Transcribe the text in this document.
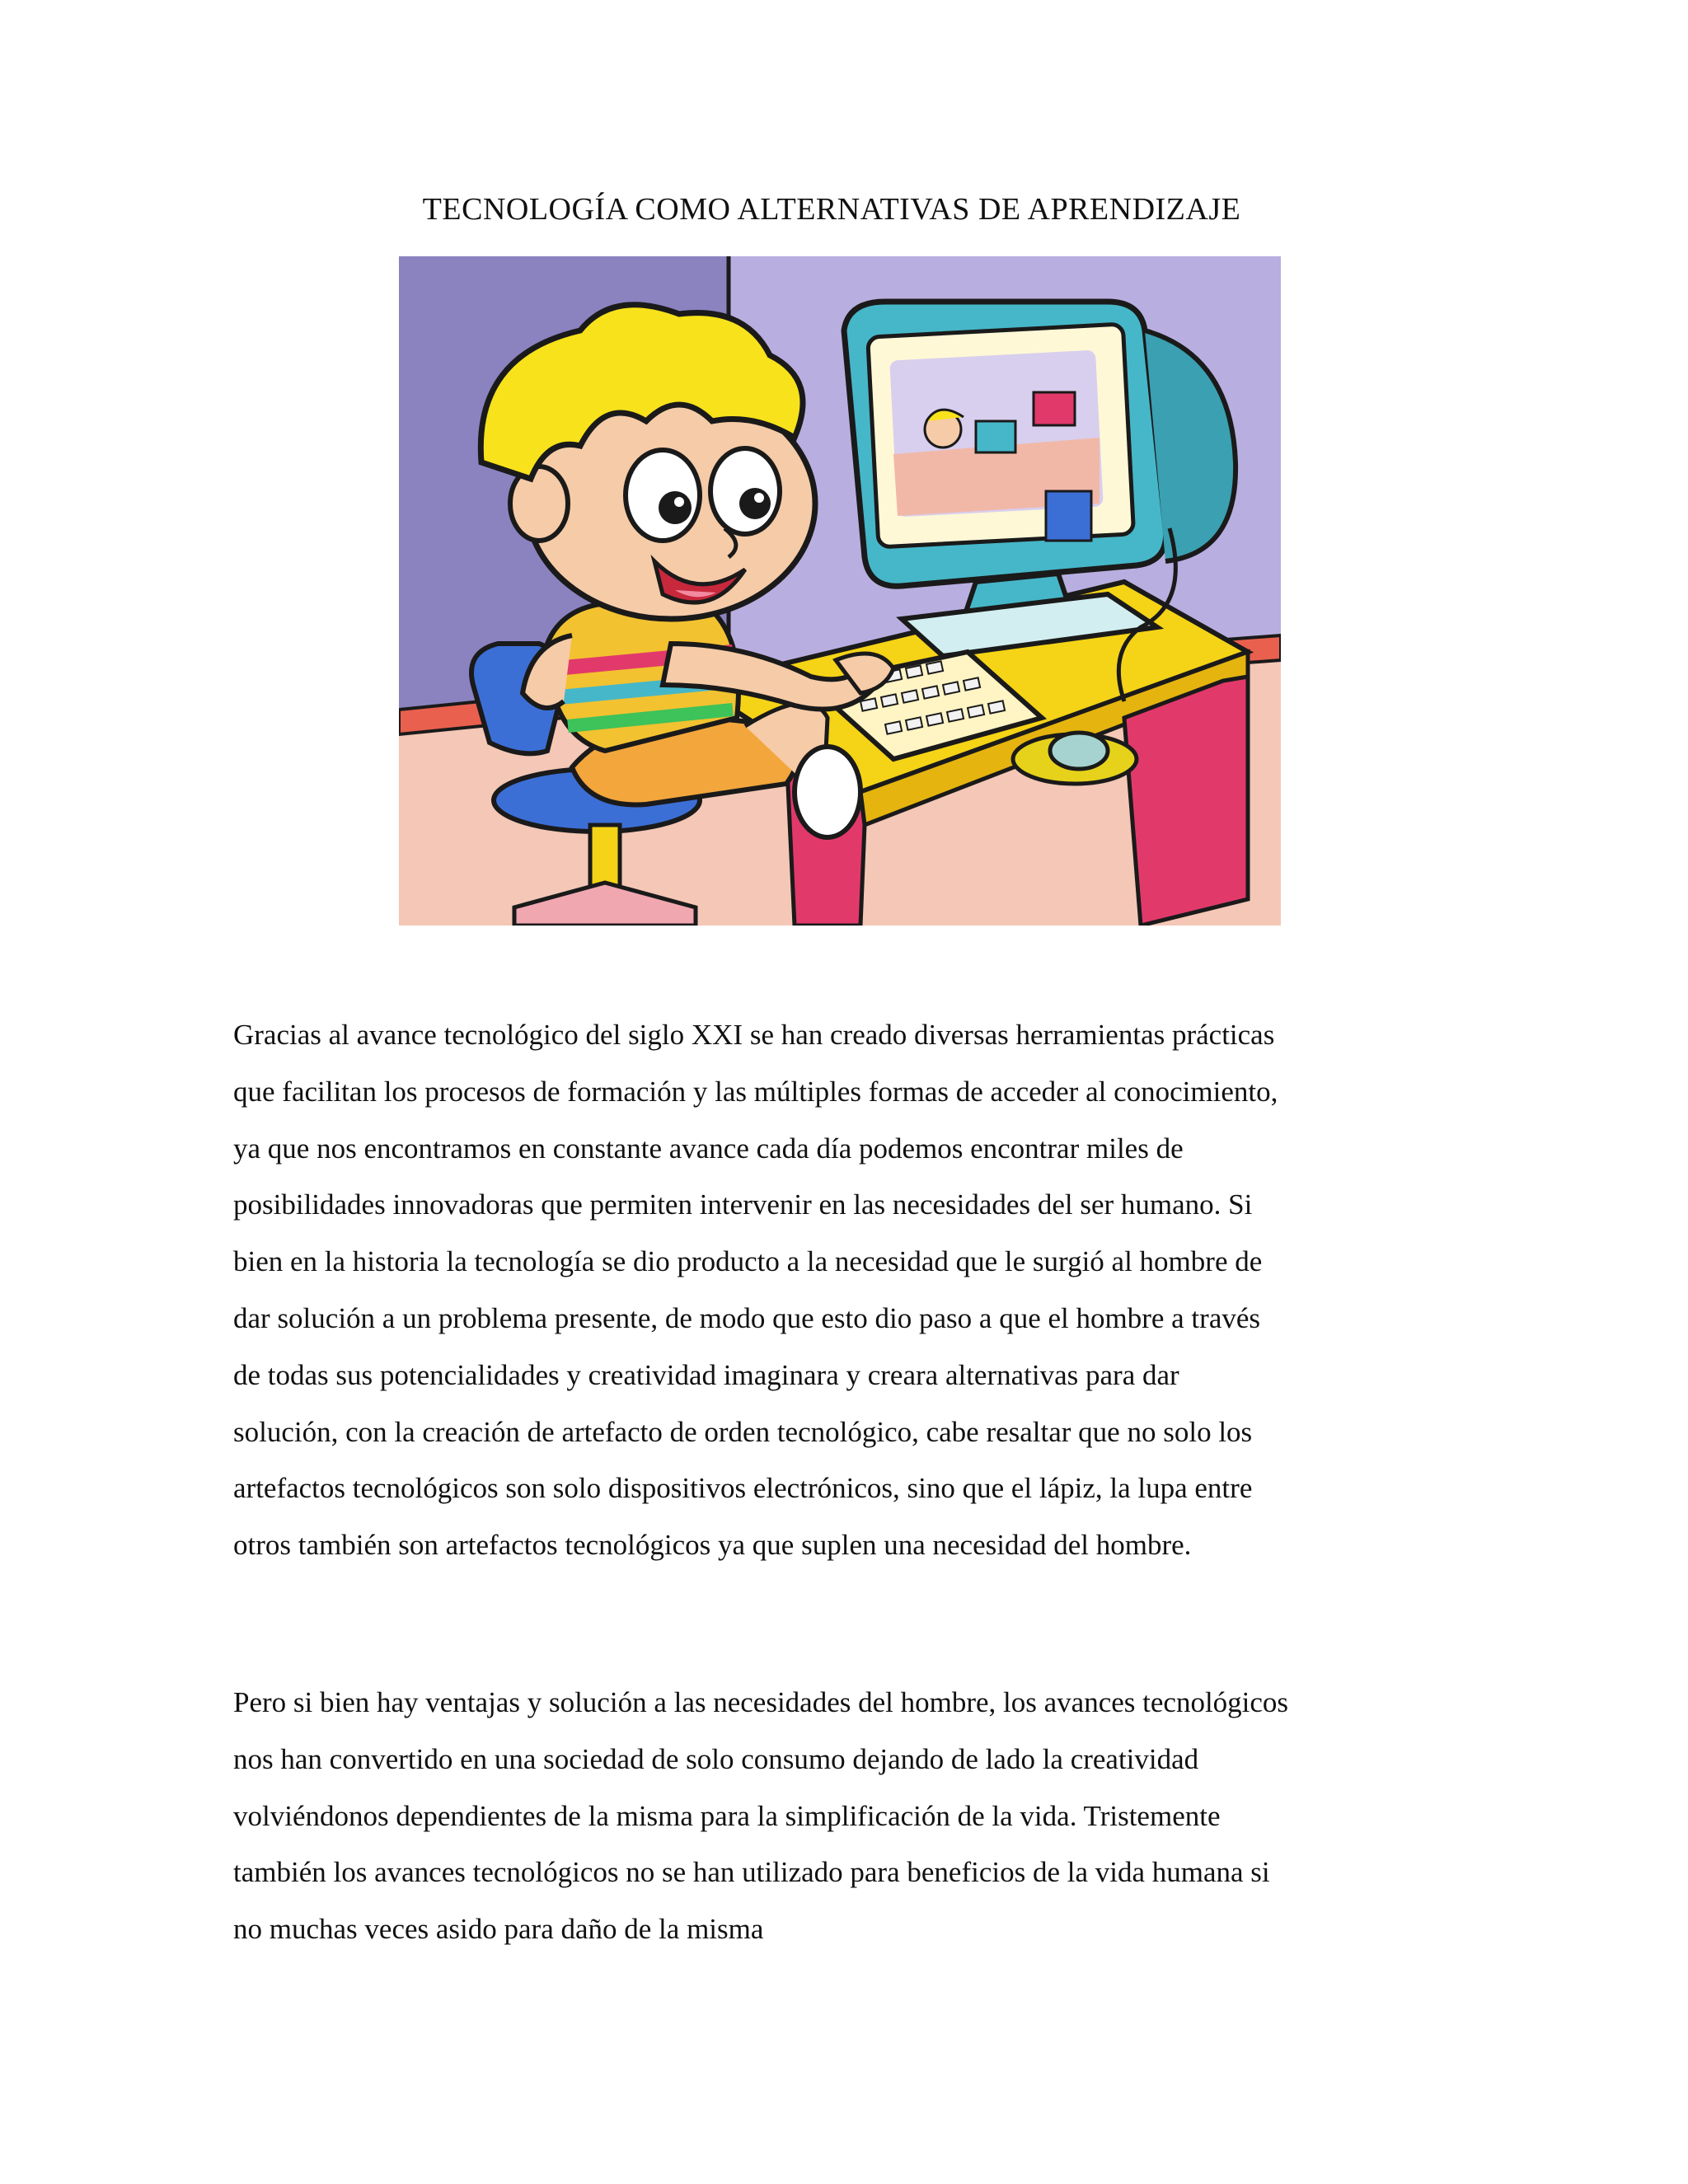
TECNOLOGÍA COMO ALTERNATIVAS DE APRENDIZAJE

Gracias al avance tecnológico del siglo XXI se han creado diversas herramientas prácticas
que facilitan los procesos de formación y las múltiples formas de acceder al conocimiento,
ya que nos encontramos en constante avance cada día podemos encontrar miles de
posibilidades innovadoras que permiten intervenir en las necesidades del ser humano. Si
bien en la historia la tecnología se dio producto a la necesidad que le surgió al hombre de
dar solución a un problema presente, de modo que esto dio paso a que el hombre a través
de todas sus potencialidades y creatividad imaginara y creara alternativas para dar
solución, con la creación de artefacto de orden tecnológico, cabe resaltar que no solo los
artefactos tecnológicos son solo dispositivos electrónicos, sino que el lápiz, la lupa entre
otros también son artefactos tecnológicos ya que suplen una necesidad del hombre.

Pero si bien hay ventajas y solución a las necesidades del hombre, los avances tecnológicos
nos han convertido en una sociedad de solo consumo dejando de lado la creatividad
volviéndonos dependientes de la misma para la simplificación de la vida. Tristemente
también los avances tecnológicos no se han utilizado para beneficios de la vida humana si
no muchas veces asido para daño de la misma
